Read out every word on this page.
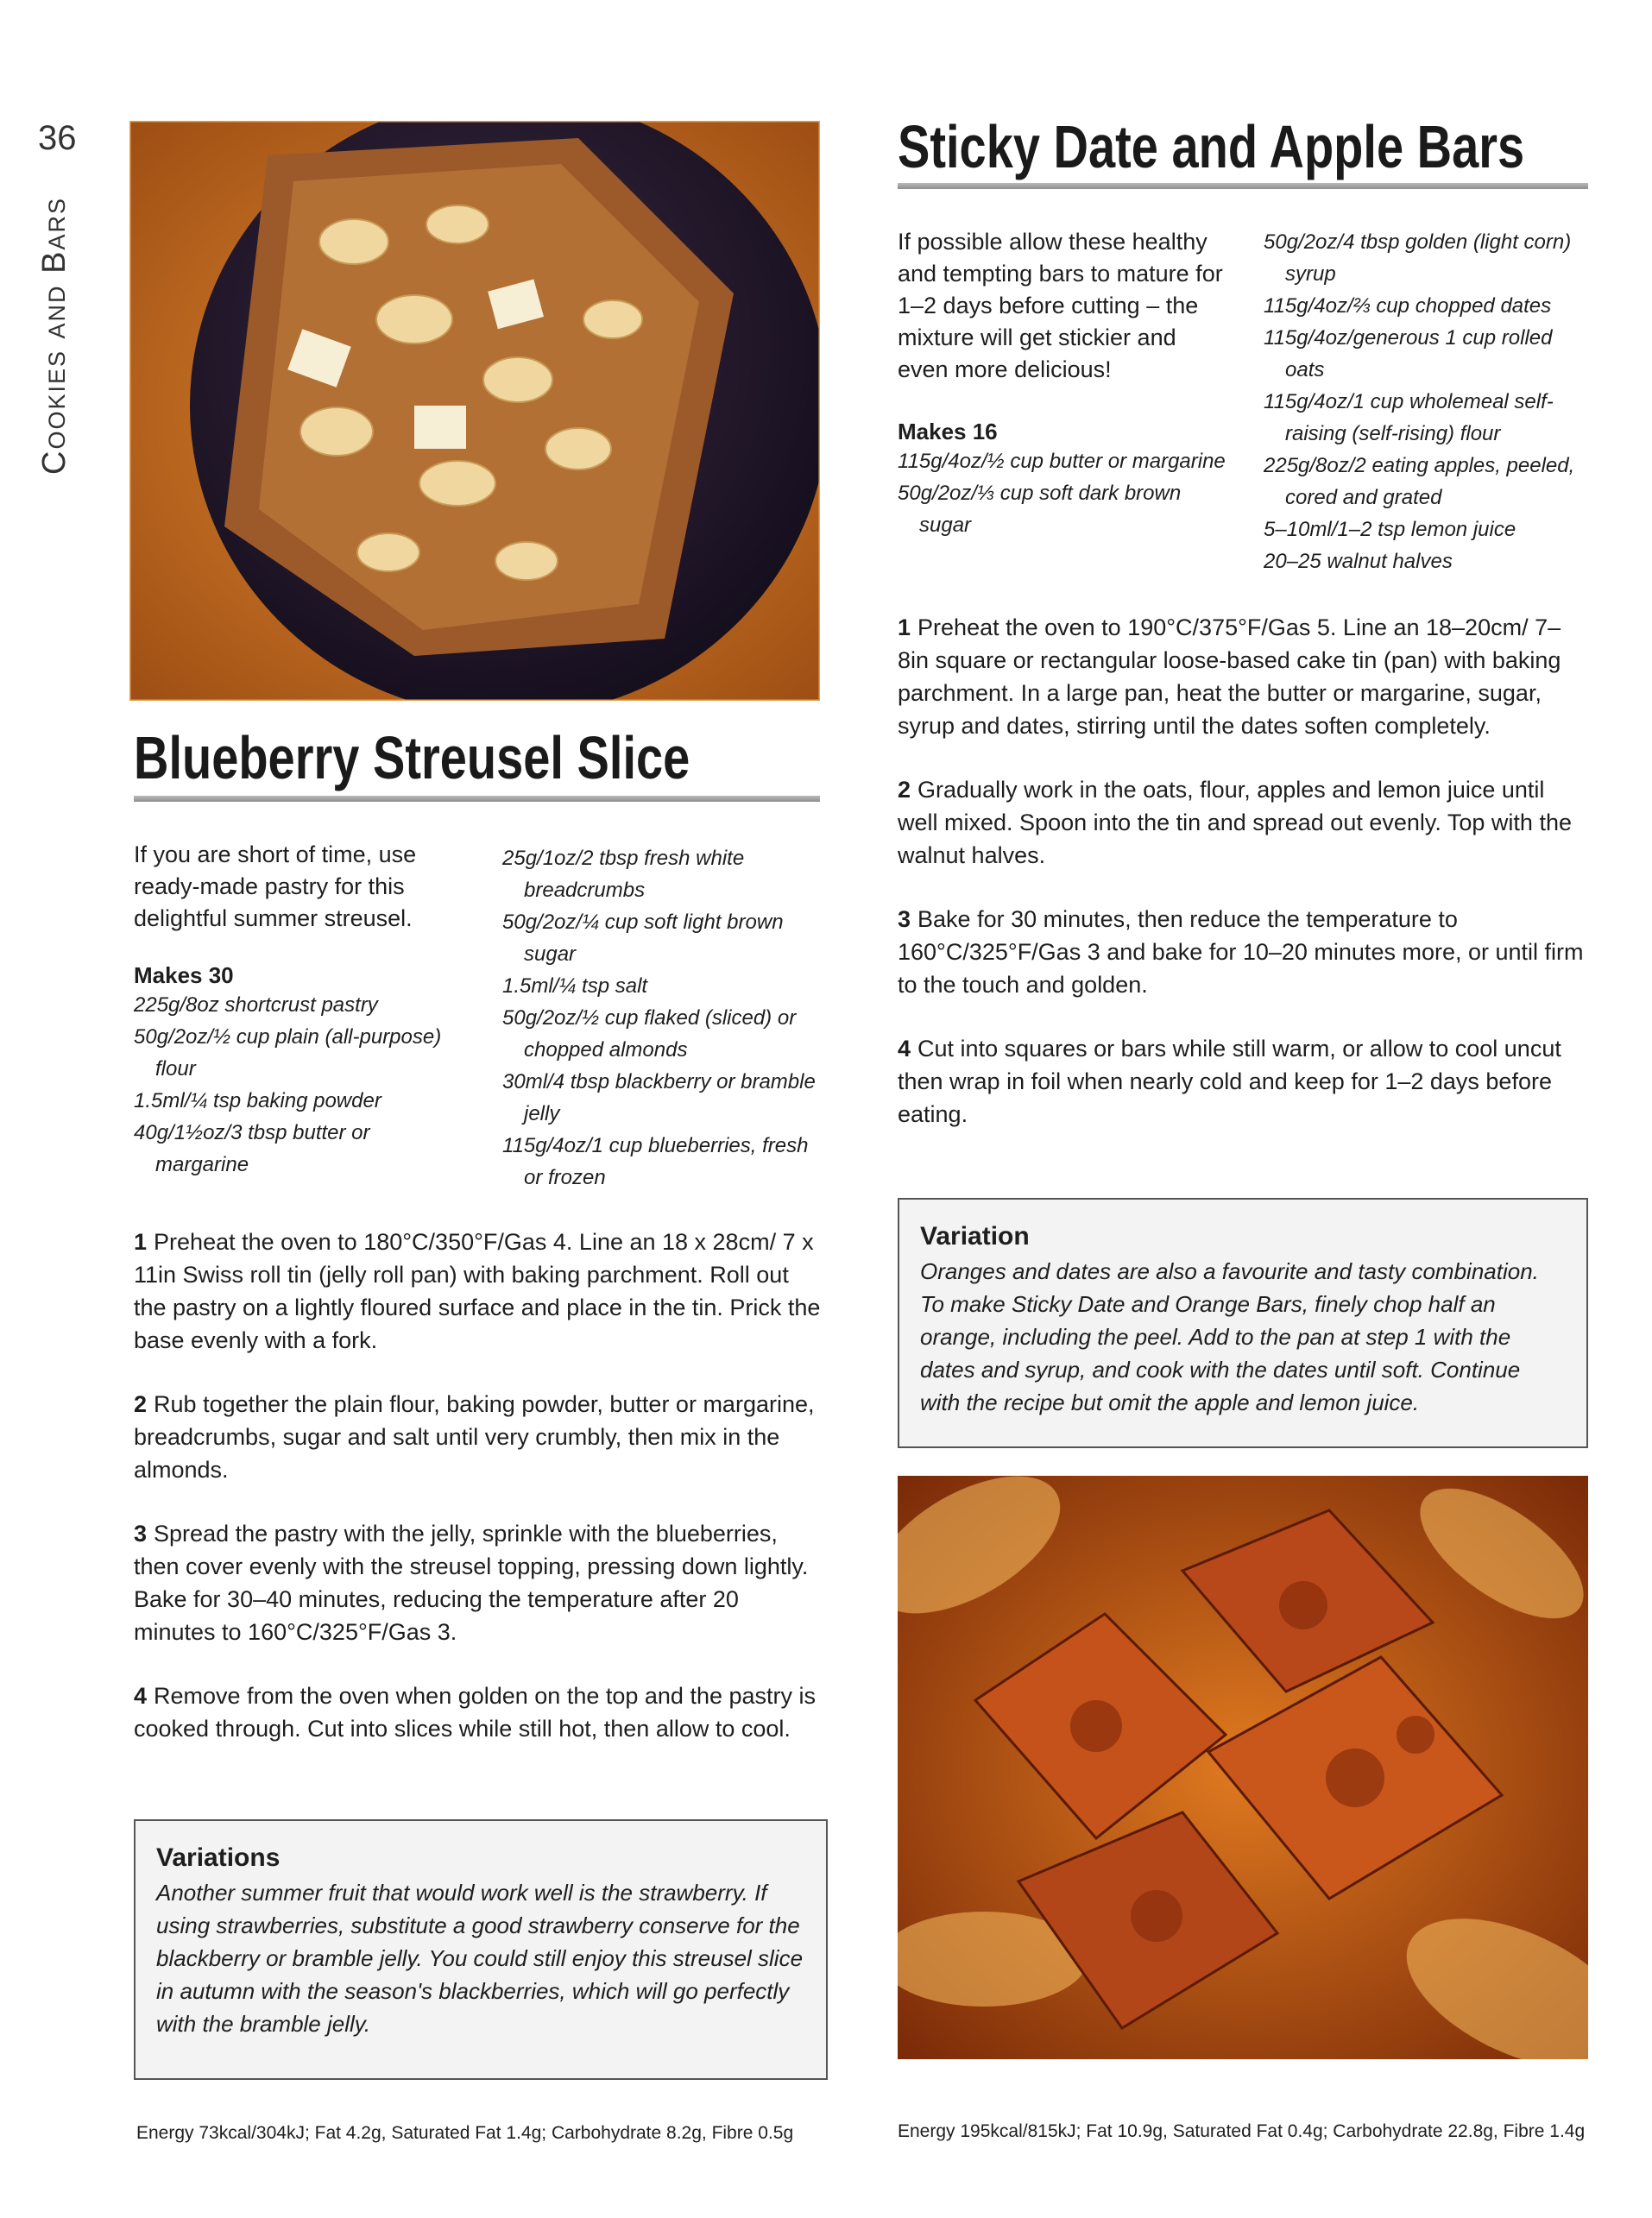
36
Cookies and Bars
Blueberry Streusel Slice
If you are short of time, use ready-made pastry for this delightful summer streusel.
Makes 30
225g/8oz shortcrust pastry
50g/2oz/½ cup plain (all-purpose) flour
1.5ml/¼ tsp baking powder
40g/1½oz/3 tbsp butter or margarine
25g/1oz/2 tbsp fresh white breadcrumbs
50g/2oz/¼ cup soft light brown sugar
1.5ml/¼ tsp salt
50g/2oz/½ cup flaked (sliced) or chopped almonds
30ml/4 tbsp blackberry or bramble jelly
115g/4oz/1 cup blueberries, fresh or frozen

1 Preheat the oven to 180°C/350°F/Gas 4. Line an 18 x 28cm/ 7 x 11in Swiss roll tin (jelly roll pan) with baking parchment. Roll out the pastry on a lightly floured surface and place in the tin. Prick the base evenly with a fork.

2 Rub together the plain flour, baking powder, butter or margarine, breadcrumbs, sugar and salt until very crumbly, then mix in the almonds.

3 Spread the pastry with the jelly, sprinkle with the blueberries, then cover evenly with the streusel topping, pressing down lightly. Bake for 30–40 minutes, reducing the temperature after 20 minutes to 160°C/325°F/Gas 3.

4 Remove from the oven when golden on the top and the pastry is cooked through. Cut into slices while still hot, then allow to cool.

Variations
Another summer fruit that would work well is the strawberry. If using strawberries, substitute a good strawberry conserve for the blackberry or bramble jelly. You could still enjoy this streusel slice in autumn with the season's blackberries, which will go perfectly with the bramble jelly.
Energy 73kcal/304kJ; Fat 4.2g, Saturated Fat 1.4g; Carbohydrate 8.2g, Fibre 0.5g
Sticky Date and Apple Bars
If possible allow these healthy and tempting bars to mature for 1–2 days before cutting – the mixture will get stickier and even more delicious!
Makes 16
115g/4oz/½ cup butter or margarine
50g/2oz/⅓ cup soft dark brown sugar
50g/2oz/4 tbsp golden (light corn) syrup
115g/4oz/⅔ cup chopped dates
115g/4oz/generous 1 cup rolled oats
115g/4oz/1 cup wholemeal self-raising (self-rising) flour
225g/8oz/2 eating apples, peeled, cored and grated
5–10ml/1–2 tsp lemon juice
20–25 walnut halves

1 Preheat the oven to 190°C/375°F/Gas 5. Line an 18–20cm/ 7–8in square or rectangular loose-based cake tin (pan) with baking parchment. In a large pan, heat the butter or margarine, sugar, syrup and dates, stirring until the dates soften completely.

2 Gradually work in the oats, flour, apples and lemon juice until well mixed. Spoon into the tin and spread out evenly. Top with the walnut halves.

3 Bake for 30 minutes, then reduce the temperature to 160°C/325°F/Gas 3 and bake for 10–20 minutes more, or until firm to the touch and golden.

4 Cut into squares or bars while still warm, or allow to cool uncut then wrap in foil when nearly cold and keep for 1–2 days before eating.

Variation
Oranges and dates are also a favourite and tasty combination. To make Sticky Date and Orange Bars, finely chop half an orange, including the peel. Add to the pan at step 1 with the dates and syrup, and cook with the dates until soft. Continue with the recipe but omit the apple and lemon juice.
Energy 195kcal/815kJ; Fat 10.9g, Saturated Fat 0.4g; Carbohydrate 22.8g, Fibre 1.4g
